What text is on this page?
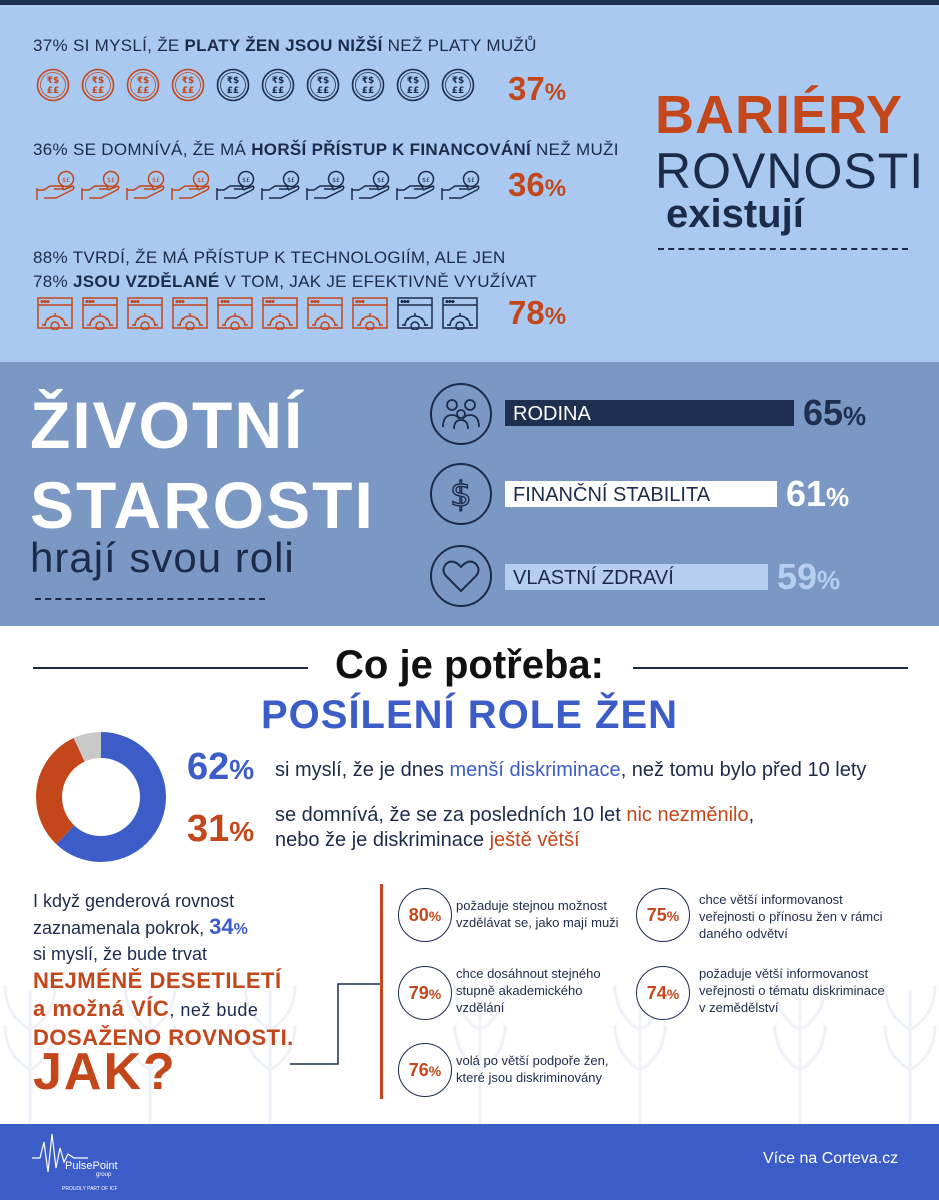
37% SI MYSLÍ, ŽE PLATY ŽEN JSOU NIŽŠÍ NEŽ PLATY MUŽŮ
37%
₹$
££
₹$
££
₹$
££
₹$
££
₹$
££
₹$
££
₹$
££
₹$
££
₹$
££
₹$
££
36% SE DOMNÍVÁ, ŽE MÁ HORŠÍ PŘÍSTUP K FINANCOVÁNÍ NEŽ MUŽI
36%
$£	$£	$£	$£	$£	$£	$£	$£	$£	$£
88% TVRDÍ, ŽE MÁ PŘÍSTUP K TECHNOLOGIÍM, ALE JEN
78% JSOU VZDĚLANÉ V TOM, JAK JE EFEKTIVNĚ VYUŽÍVAT
78%
BARIÉRY
ROVNOSTI
existují
ŽIVOTNÍ
STAROSTI
hrají svou roli
$
RODINA	65%
FINANČNÍ STABILITA	61%
VLASTNÍ ZDRAVÍ	59%
Co je potřeba:
POSÍLENÍ ROLE ŽEN
62% si myslí, že je dnes menší diskriminace, než tomu bylo před 10 lety
31%
se domnívá, že se za posledních 10 let nic nezměnilo,
nebo že je diskriminace ještě větší
I když genderová rovnost
zaznamenala pokrok, 34%
si myslí, že bude trvat
NEJMÉNĚ DESETILETÍ
a možná VÍC, než bude
DOSAŽENO ROVNOSTI.
JAK?
80%
požaduje stejnou možnost
vzdělávat se, jako mají muži	75%
chce větší informovanost
veřejnosti o přínosu žen v rámci
daného odvětví
79%
chce dosáhnout stejného
stupně akademického
vzdělání
74%
požaduje větší informovanost
veřejnosti o tématu diskriminace
v zemědělství
76%
volá po větší podpoře žen,
které jsou diskriminovány
PulsePoint
group
PROUDLY PART OF ICF
Více na Corteva.cz
